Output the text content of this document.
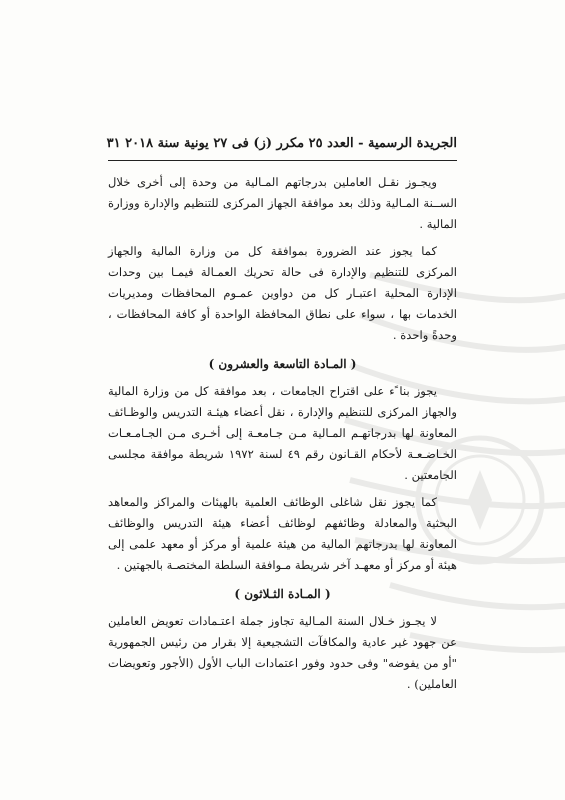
الجريدة الرسمية - العدد ٢٥ مكرر (ز) فى ٢٧ يونية سنة ٢٠١٨ ٣١

ويجـوز نقـل العاملين بدرجاتهم المـالية من وحدة إلى أخرى خلال الســنة المـالية وذلك بعد موافقة الجهاز المركزى للتنظيم والإدارة ووزارة المالية .

كما يجوز عند الضرورة بموافقة كل من وزارة المالية والجهاز المركزى للتنظيم والإدارة فى حالة تحريك العمـالة فيمـا بين وحدات الإدارة المحلية اعتبـار كل من دواوين عمـوم المحافظات ومديريات الخدمات بها ، سواء على نطاق المحافظة الواحدة أو كافة المحافظات ، وحدةً واحدة .

( المـادة التاسعة والعشرون )

يجوز بنا ًء على اقتراح الجامعات ، بعد موافقة كل من وزارة المالية والجهاز المركزى للتنظيم والإدارة ، نقل أعضاء هيئـة التدريس والوظـائف المعاونة لها بدرجاتهـم المـالية مـن جـامعـة إلى أخـرى مـن الجـامـعـات الخـاضـعـة لأحكام القـانون رقم ٤٩ لسنة ١٩٧٢ شريطة موافقة مجلسى الجامعتين .

كما يجوز نقل شاغلى الوظائف العلمية بالهيئات والمراكز والمعاهد البحثية والمعادلة وظائفهم لوظائف أعضاء هيئة التدريس والوظائف المعاونة لها بدرجاتهم المالية من هيئة علمية أو مركز أو معهد علمى إلى هيئة أو مركز أو معهـد آخر شريطة مـوافقة السلطة المختصـة بالجهتين .

( المـادة الثـلاثون )

لا يجـوز خـلال السنة المـالية تجاوز جملة اعتـمادات تعويض العاملين عن جهود غير عادية والمكافآت التشجيعية إلا بقرار من رئيس الجمهورية "أو من يفوضه" وفى حدود وفور اعتمادات الباب الأول (الأجور وتعويضات العاملين) .
